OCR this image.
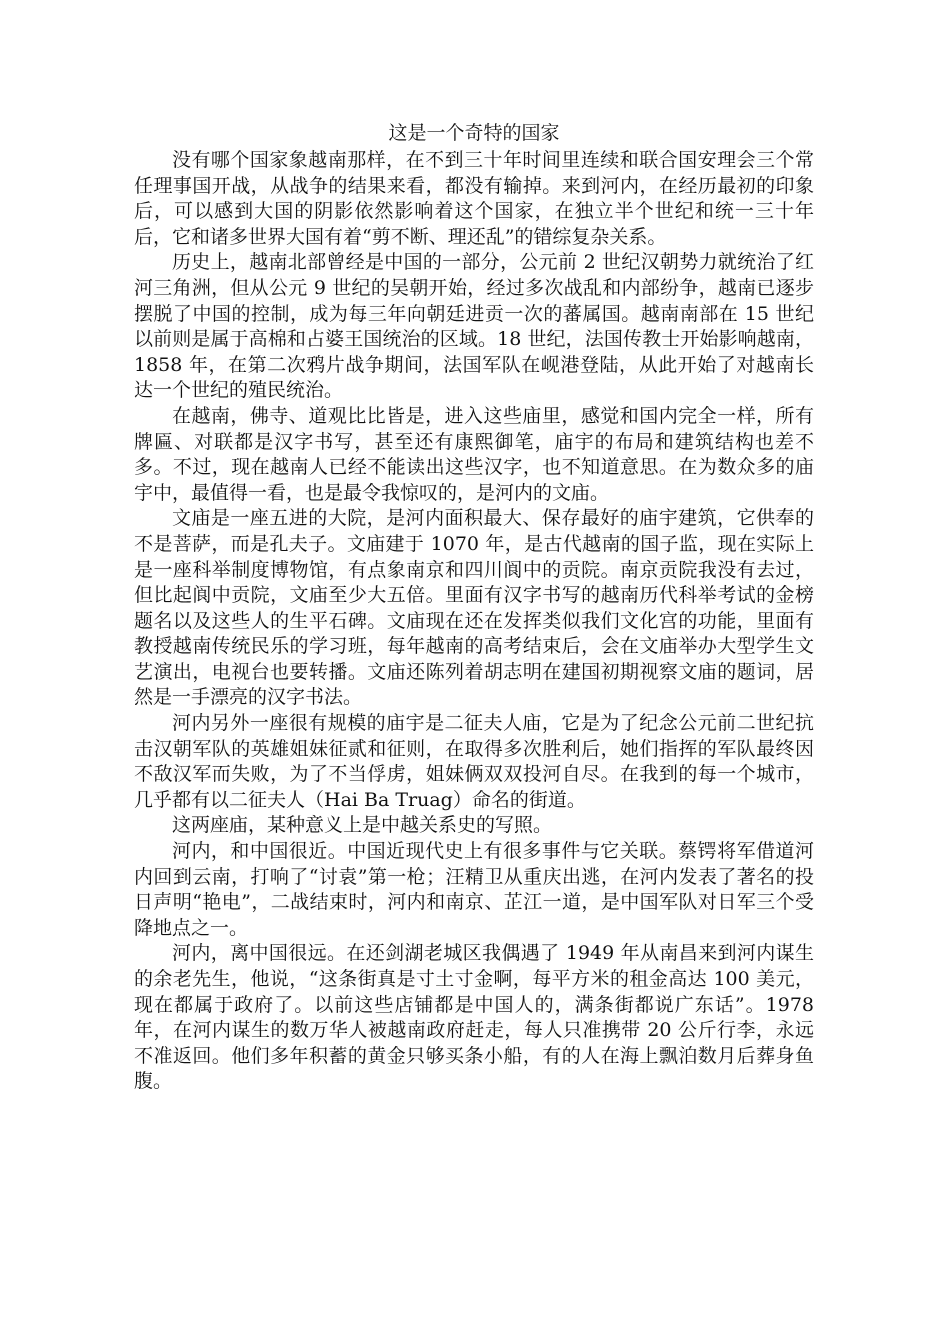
这是一个奇特的国家

没有哪个国家象越南那样，在不到三十年时间里连续和联合国安理会三个常任理事国开战，从战争的结果来看，都没有输掉。来到河内，在经历最初的印象后，可以感到大国的阴影依然影响着这个国家，在独立半个世纪和统一三十年后，它和诸多世界大国有着“剪不断、理还乱”的错综复杂关系。

历史上，越南北部曾经是中国的一部分，公元前 2 世纪汉朝势力就统治了红河三角洲，但从公元 9 世纪的吴朝开始，经过多次战乱和内部纷争，越南已逐步摆脱了中国的控制，成为每三年向朝廷进贡一次的蕃属国。越南南部在 15 世纪以前则是属于高棉和占婆王国统治的区域。18 世纪，法国传教士开始影响越南，1858 年，在第二次鸦片战争期间，法国军队在岘港登陆，从此开始了对越南长达一个世纪的殖民统治。

在越南，佛寺、道观比比皆是，进入这些庙里，感觉和国内完全一样，所有牌匾、对联都是汉字书写，甚至还有康熙御笔，庙宇的布局和建筑结构也差不多。不过，现在越南人已经不能读出这些汉字，也不知道意思。在为数众多的庙宇中，最值得一看，也是最令我惊叹的，是河内的文庙。

文庙是一座五进的大院，是河内面积最大、保存最好的庙宇建筑，它供奉的不是菩萨，而是孔夫子。文庙建于 1070 年，是古代越南的国子监，现在实际上是一座科举制度博物馆，有点象南京和四川阆中的贡院。南京贡院我没有去过，但比起阆中贡院，文庙至少大五倍。里面有汉字书写的越南历代科举考试的金榜题名以及这些人的生平石碑。文庙现在还在发挥类似我们文化宫的功能，里面有教授越南传统民乐的学习班，每年越南的高考结束后，会在文庙举办大型学生文艺演出，电视台也要转播。文庙还陈列着胡志明在建国初期视察文庙的题词，居然是一手漂亮的汉字书法。

河内另外一座很有规模的庙宇是二征夫人庙，它是为了纪念公元前二世纪抗击汉朝军队的英雄姐妹征贰和征则，在取得多次胜利后，她们指挥的军队最终因不敌汉军而失败，为了不当俘虏，姐妹俩双双投河自尽。在我到的每一个城市，几乎都有以二征夫人（Hai Ba Truag）命名的街道。

这两座庙，某种意义上是中越关系史的写照。

河内，和中国很近。中国近现代史上有很多事件与它关联。蔡锷将军借道河内回到云南，打响了“讨袁”第一枪；汪精卫从重庆出逃，在河内发表了著名的投日声明“艳电”，二战结束时，河内和南京、芷江一道，是中国军队对日军三个受降地点之一。

河内，离中国很远。在还剑湖老城区我偶遇了 1949 年从南昌来到河内谋生的余老先生，他说，“这条街真是寸土寸金啊，每平方米的租金高达 100 美元，现在都属于政府了。以前这些店铺都是中国人的，满条街都说广东话”。1978 年，在河内谋生的数万华人被越南政府赶走，每人只准携带 20 公斤行李，永远不准返回。他们多年积蓄的黄金只够买条小船，有的人在海上飘泊数月后葬身鱼腹。
